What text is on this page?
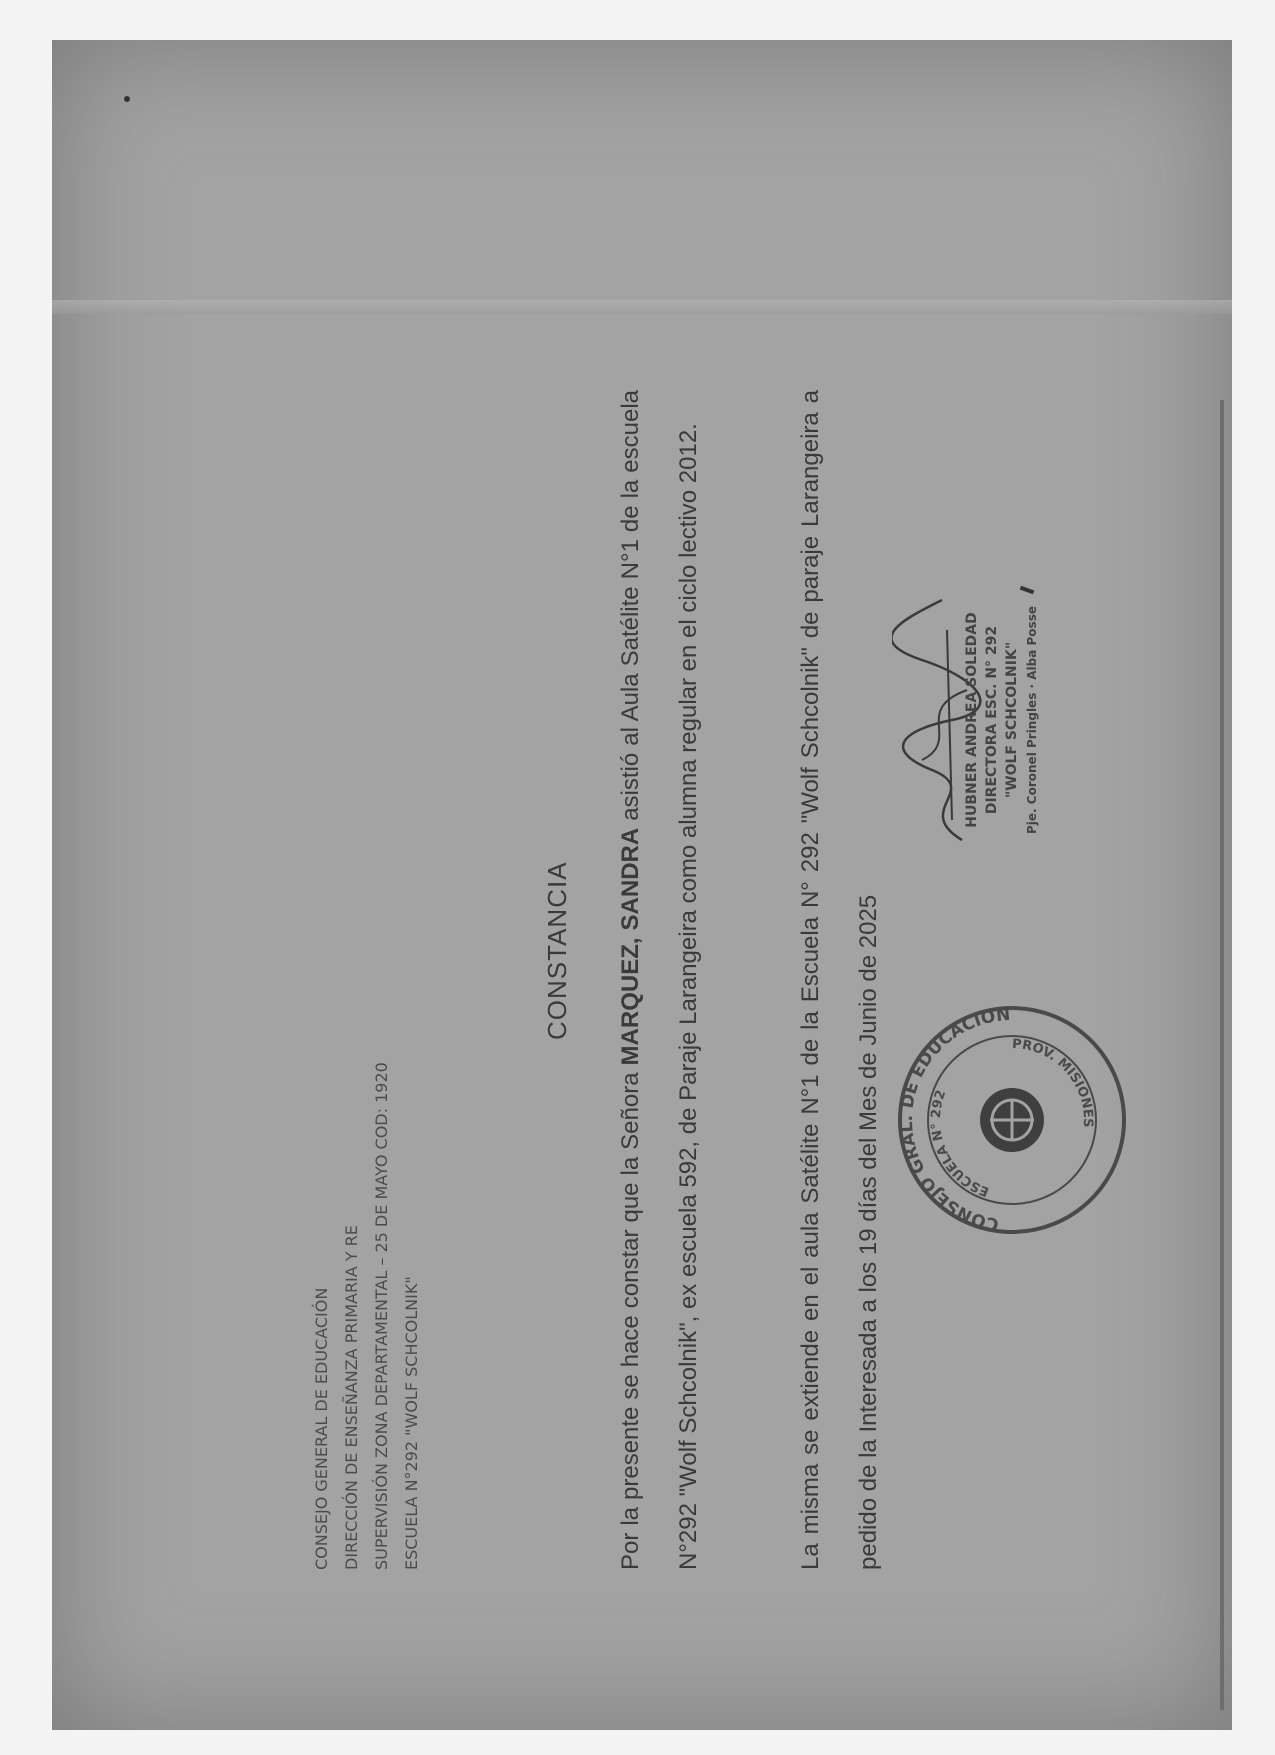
CONSEJO GENERAL DE EDUCACIÓN DIRECCIÓN DE ENSEÑANZA PRIMARIA Y RE SUPERVISIÓN ZONA DEPARTAMENTAL – 25 DE MAYO COD: 1920 ESCUELA N°292 "WOLF SCHCOLNIK"
CONSTANCIA
Por la presente se hace constar que la Señora MARQUEZ, SANDRA asistió al Aula Satélite N°1 de la escuela N°292 "Wolf Schcolnik", ex escuela 592, de Paraje Larangeira como alumna regular en el ciclo lectivo 2012.	La misma se extiende en el aula Satélite N°1 de la Escuela N° 292 "Wolf Schcolnik" de paraje Larangeira a pedido de la Interesada a los 19 días del Mes de Junio de 2025
HUBNER ANDREA SOLEDAD DIRECTORA ESC. N° 292 "WOLF SCHCOLNIK" Pje. Coronel Pringles · Alba Posse
CONSEJO GRAL. DE EDUCACION
ESCUELA N° 292
PROV. MISIONES
